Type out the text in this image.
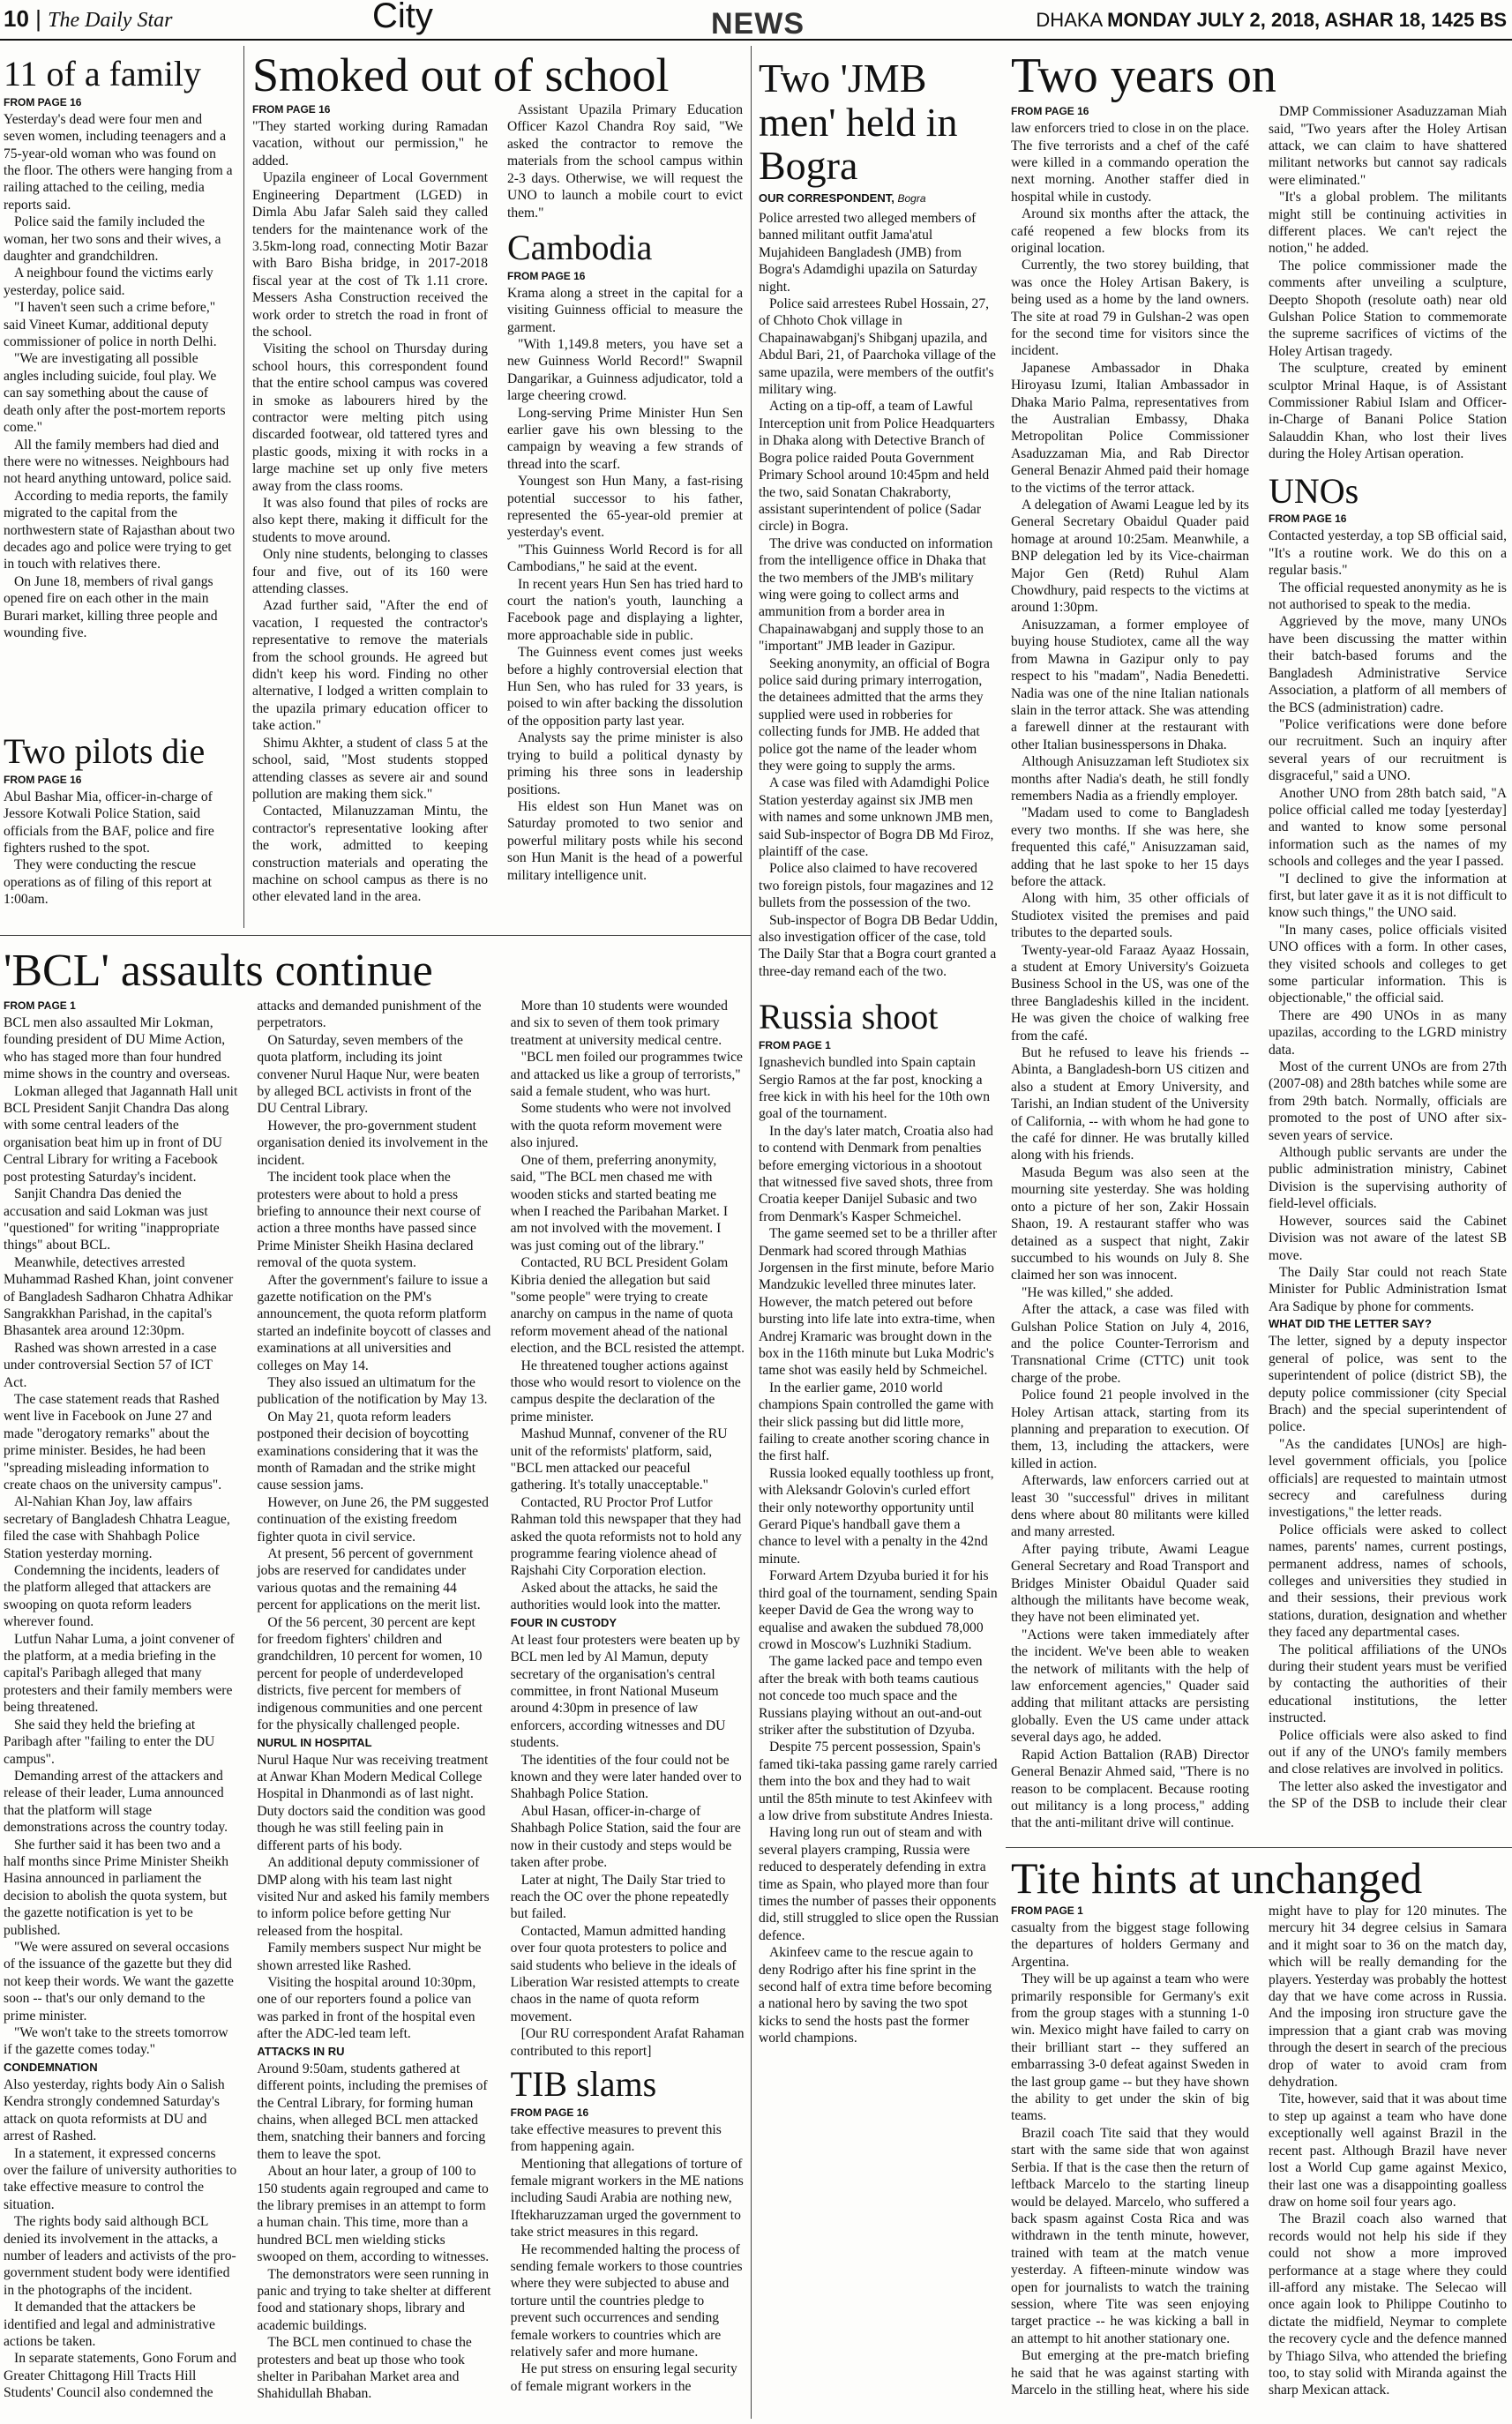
10 | The Daily Star	City	NEWS	DHAKA MONDAY JULY 2, 2018, ASHAR 18, 1425 BS
11 of a family
FROM PAGE 16

Yesterday's dead were four men and seven women, including teenagers and a 75-year-old woman who was found on the floor. The others were hanging from a railing attached to the ceiling, media reports said.

Police said the family included the woman, her two sons and their wives, a daughter and grandchildren.

A neighbour found the victims early yesterday, police said.

"I haven't seen such a crime before," said Vineet Kumar, additional deputy commissioner of police in north Delhi.

"We are investigating all possible angles including suicide, foul play. We can say something about the cause of death only after the post-mortem reports come."

All the family members had died and there were no witnesses. Neighbours had not heard anything untoward, police said.

According to media reports, the family migrated to the capital from the northwestern state of Rajasthan about two decades ago and police were trying to get in touch with relatives there.

On June 18, members of rival gangs opened fire on each other in the main Burari market, killing three people and wounding five.

Two pilots die
FROM PAGE 16

Abul Bashar Mia, officer-in-charge of Jessore Kotwali Police Station, said officials from the BAF, police and fire fighters rushed to the spot.

They were conducting the rescue operations as of filing of this report at 1:00am.

Smoked out of school
FROM PAGE 16

"They started working during Ramadan vacation, without our permission," he added.

Upazila engineer of Local Government Engineering Department (LGED) in Dimla Abu Jafar Saleh said they called tenders for the maintenance work of the 3.5km-long road, connecting Motir Bazar with Baro Bisha bridge, in 2017-2018 fiscal year at the cost of Tk 1.11 crore. Messers Asha Construction received the work order to stretch the road in front of the school.

Visiting the school on Thursday during school hours, this correspondent found that the entire school campus was covered in smoke as labourers hired by the contractor were melting pitch using discarded footwear, old tattered tyres and plastic goods, mixing it with rocks in a large machine set up only five meters away from the class rooms.

It was also found that piles of rocks are also kept there, making it difficult for the students to move around.

Only nine students, belonging to classes four and five, out of its 160 were attending classes.

Azad further said, "After the end of vacation, I requested the contractor's representative to remove the materials from the school grounds. He agreed but didn't keep his word. Finding no other alternative, I lodged a written complain to the upazila primary education officer to take action."

Shimu Akhter, a student of class 5 at the school, said, "Most students stopped attending classes as severe air and sound pollution are making them sick."

Contacted, Milanuzzaman Mintu, the contractor's representative looking after the work, admitted to keeping construction materials and operating the machine on school campus as there is no other elevated land in the area.

Assistant Upazila Primary Education Officer Kazol Chandra Roy said, "We asked the contractor to remove the materials from the school campus within 2-3 days. Otherwise, we will request the UNO to launch a mobile court to evict them."

Cambodia
FROM PAGE 16

Krama along a street in the capital for a visiting Guinness official to measure the garment.

"With 1,149.8 meters, you have set a new Guinness World Record!" Swapnil Dangarikar, a Guinness adjudicator, told a large cheering crowd.

Long-serving Prime Minister Hun Sen earlier gave his own blessing to the campaign by weaving a few strands of thread into the scarf.

Youngest son Hun Many, a fast-rising potential successor to his father, represented the 65-year-old premier at yesterday's event.

"This Guinness World Record is for all Cambodians," he said at the event.

In recent years Hun Sen has tried hard to court the nation's youth, launching a Facebook page and displaying a lighter, more approachable side in public.

The Guinness event comes just weeks before a highly controversial election that Hun Sen, who has ruled for 33 years, is poised to win after backing the dissolution of the opposition party last year.

Analysts say the prime minister is also trying to build a political dynasty by priming his three sons in leadership positions.

His eldest son Hun Manet was on Saturday promoted to two senior and powerful military posts while his second son Hun Manit is the head of a powerful military intelligence unit.

'BCL' assaults continue
FROM PAGE 1

BCL men also assaulted Mir Lokman, founding president of DU Mime Action, who has staged more than four hundred mime shows in the country and overseas.

Lokman alleged that Jagannath Hall unit BCL President Sanjit Chandra Das along with some central leaders of the organisation beat him up in front of DU Central Library for writing a Facebook post protesting Saturday's incident.

Sanjit Chandra Das denied the accusation and said Lokman was just "questioned" for writing "inappropriate things" about BCL.

Meanwhile, detectives arrested Muhammad Rashed Khan, joint convener of Bangladesh Sadharon Chhatra Adhikar Sangrakkhan Parishad, in the capital's Bhasantek area around 12:30pm.

Rashed was shown arrested in a case under controversial Section 57 of ICT Act.

The case statement reads that Rashed went live in Facebook on June 27 and made "derogatory remarks" about the prime minister. Besides, he had been "spreading misleading information to create chaos on the university campus".

Al-Nahian Khan Joy, law affairs secretary of Bangladesh Chhatra League, filed the case with Shahbagh Police Station yesterday morning.

Condemning the incidents, leaders of the platform alleged that attackers are swooping on quota reform leaders wherever found.

Lutfun Nahar Luma, a joint convener of the platform, at a media briefing in the capital's Paribagh alleged that many protesters and their family members were being threatened.

She said they held the briefing at Paribagh after "failing to enter the DU campus".

Demanding arrest of the attackers and release of their leader, Luma announced that the platform will stage demonstrations across the country today.

She further said it has been two and a half months since Prime Minister Sheikh Hasina announced in parliament the decision to abolish the quota system, but the gazette notification is yet to be published.

"We were assured on several occasions of the issuance of the gazette but they did not keep their words. We want the gazette soon -- that's our only demand to the prime minister.

"We won't take to the streets tomorrow if the gazette comes today."

CONDEMNATION

Also yesterday, rights body Ain o Salish Kendra strongly condemned Saturday's attack on quota reformists at DU and arrest of Rashed.

In a statement, it expressed concerns over the failure of university authorities to take effective measure to control the situation.

The rights body said although BCL denied its involvement in the attacks, a number of leaders and activists of the pro-government student body were identified in the photographs of the incident.

It demanded that the attackers be identified and legal and administrative actions be taken.

In separate statements, Gono Forum and Greater Chittagong Hill Tracts Hill Students' Council also condemned the attacks and demanded punishment of the perpetrators.

On Saturday, seven members of the quota platform, including its joint convener Nurul Haque Nur, were beaten by alleged BCL activists in front of the DU Central Library.

However, the pro-government student organisation denied its involvement in the incident.

The incident took place when the protesters were about to hold a press briefing to announce their next course of action a three months have passed since Prime Minister Sheikh Hasina declared removal of the quota system.

After the government's failure to issue a gazette notification on the PM's announcement, the quota reform platform started an indefinite boycott of classes and examinations at all universities and colleges on May 14.

They also issued an ultimatum for the publication of the notification by May 13.

On May 21, quota reform leaders postponed their decision of boycotting examinations considering that it was the month of Ramadan and the strike might cause session jams.

However, on June 26, the PM suggested continuation of the existing freedom fighter quota in civil service.

At present, 56 percent of government jobs are reserved for candidates under various quotas and the remaining 44 percent for applications on the merit list.

Of the 56 percent, 30 percent are kept for freedom fighters' children and grandchildren, 10 percent for women, 10 percent for people of underdeveloped districts, five percent for members of indigenous communities and one percent for the physically challenged people.

NURUL IN HOSPITAL

Nurul Haque Nur was receiving treatment at Anwar Khan Modern Medical College Hospital in Dhanmondi as of last night. Duty doctors said the condition was good though he was still feeling pain in different parts of his body.

An additional deputy commissioner of DMP along with his team last night visited Nur and asked his family members to inform police before getting Nur released from the hospital.

Family members suspect Nur might be shown arrested like Rashed.

Visiting the hospital around 10:30pm, one of our reporters found a police van was parked in front of the hospital even after the ADC-led team left.

ATTACKS IN RU

Around 9:50am, students gathered at different points, including the premises of the Central Library, for forming human chains, when alleged BCL men attacked them, snatching their banners and forcing them to leave the spot.

About an hour later, a group of 100 to 150 students again regrouped and came to the library premises in an attempt to form a human chain. This time, more than a hundred BCL men wielding sticks swooped on them, according to witnesses.

The demonstrators were seen running in panic and trying to take shelter at different food and stationary shops, library and academic buildings.

The BCL men continued to chase the protesters and beat up those who took shelter in Paribahan Market area and Shahidullah Bhaban.

More than 10 students were wounded and six to seven of them took primary treatment at university medical centre.

"BCL men foiled our programmes twice and attacked us like a group of terrorists," said a female student, who was hurt.

Some students who were not involved with the quota reform movement were also injured.

One of them, preferring anonymity, said, "The BCL men chased me with wooden sticks and started beating me when I reached the Paribahan Market. I am not involved with the movement. I was just coming out of the library."

Contacted, RU BCL President Golam Kibria denied the allegation but said "some people" were trying to create anarchy on campus in the name of quota reform movement ahead of the national election, and the BCL resisted the attempt.

He threatened tougher actions against those who would resort to violence on the campus despite the declaration of the prime minister.

Mashud Munnaf, convener of the RU unit of the reformists' platform, said, "BCL men attacked our peaceful gathering. It's totally unacceptable."

Contacted, RU Proctor Prof Lutfor Rahman told this newspaper that they had asked the quota reformists not to hold any programme fearing violence ahead of Rajshahi City Corporation election.

Asked about the attacks, he said the authorities would look into the matter.

FOUR IN CUSTODY

At least four protesters were beaten up by BCL men led by Al Mamun, deputy secretary of the organisation's central committee, in front National Museum around 4:30pm in presence of law enforcers, according witnesses and DU students.

The identities of the four could not be known and they were later handed over to Shahbagh Police Station.

Abul Hasan, officer-in-charge of Shahbagh Police Station, said the four are now in their custody and steps would be taken after probe.

Later at night, The Daily Star tried to reach the OC over the phone repeatedly but failed.

Contacted, Mamun admitted handing over four quota protesters to police and said students who believe in the ideals of Liberation War resisted attempts to create chaos in the name of quota reform movement.

[Our RU correspondent Arafat Rahaman contributed to this report]

TIB slams
FROM PAGE 16

take effective measures to prevent this from happening again.

Mentioning that allegations of torture of female migrant workers in the ME nations including Saudi Arabia are nothing new, Iftekharuzzaman urged the government to take strict measures in this regard.

He recommended halting the process of sending female workers to those countries where they were subjected to abuse and torture until the countries pledge to prevent such occurrences and sending female workers to countries which are relatively safer and more humane.

He put stress on ensuring legal security of female migrant workers in the

Two 'JMB men' held in Bogra
OUR CORRESPONDENT, Bogra

Police arrested two alleged members of banned militant outfit Jama'atul Mujahideen Bangladesh (JMB) from Bogra's Adamdighi upazila on Saturday night.

Police said arrestees Rubel Hossain, 27, of Chhoto Chok village in Chapainawabganj's Shibganj upazila, and Abdul Bari, 21, of Paarchoka village of the same upazila, were members of the outfit's military wing.

Acting on a tip-off, a team of Lawful Interception unit from Police Headquarters in Dhaka along with Detective Branch of Bogra police raided Pouta Government Primary School around 10:45pm and held the two, said Sonatan Chakraborty, assistant superintendent of police (Sadar circle) in Bogra.

The drive was conducted on information from the intelligence office in Dhaka that the two members of the JMB's military wing were going to collect arms and ammunition from a border area in Chapainawabganj and supply those to an "important" JMB leader in Gazipur.

Seeking anonymity, an official of Bogra police said during primary interrogation, the detainees admitted that the arms they supplied were used in robberies for collecting funds for JMB. He added that police got the name of the leader whom they were going to supply the arms.

A case was filed with Adamdighi Police Station yesterday against six JMB men with names and some unknown JMB men, said Sub-inspector of Bogra DB Md Firoz, plaintiff of the case.

Police also claimed to have recovered two foreign pistols, four magazines and 12 bullets from the possession of the two.

Sub-inspector of Bogra DB Bedar Uddin, also investigation officer of the case, told The Daily Star that a Bogra court granted a three-day remand each of the two.

Russia shoot
FROM PAGE 1

Ignashevich bundled into Spain captain Sergio Ramos at the far post, knocking a free kick in with his heel for the 10th own goal of the tournament.

In the day's later match, Croatia also had to contend with Denmark from penalties before emerging victorious in a shootout that witnessed five saved shots, three from Croatia keeper Danijel Subasic and two from Denmark's Kasper Schmeichel.

The game seemed set to be a thriller after Denmark had scored through Mathias Jorgensen in the first minute, before Mario Mandzukic levelled three minutes later. However, the match petered out before bursting into life late into extra-time, when Andrej Kramaric was brought down in the box in the 116th minute but Luka Modric's tame shot was easily held by Schmeichel.

In the earlier game, 2010 world champions Spain controlled the game with their slick passing but did little more, failing to create another scoring chance in the first half.

Russia looked equally toothless up front, with Aleksandr Golovin's curled effort their only noteworthy opportunity until Gerard Pique's handball gave them a chance to level with a penalty in the 42nd minute.

Forward Artem Dzyuba buried it for his third goal of the tournament, sending Spain keeper David de Gea the wrong way to equalise and awaken the subdued 78,000 crowd in Moscow's Luzhniki Stadium.

The game lacked pace and tempo even after the break with both teams cautious not concede too much space and the Russians playing without an out-and-out striker after the substitution of Dzyuba.

Despite 75 percent possession, Spain's famed tiki-taka passing game rarely carried them into the box and they had to wait until the 85th minute to test Akinfeev with a low drive from substitute Andres Iniesta.

Having long run out of steam and with several players cramping, Russia were reduced to desperately defending in extra time as Spain, who played more than four times the number of passes their opponents did, still struggled to slice open the Russian defence.

Akinfeev came to the rescue again to deny Rodrigo after his fine sprint in the second half of extra time before becoming a national hero by saving the two spot kicks to send the hosts past the former world champions.

Two years on
FROM PAGE 16

law enforcers tried to close in on the place. The five terrorists and a chef of the café were killed in a commando operation the next morning. Another staffer died in hospital while in custody.

Around six months after the attack, the café reopened a few blocks from its original location.

Currently, the two storey building, that was once the Holey Artisan Bakery, is being used as a home by the land owners. The site at road 79 in Gulshan-2 was open for the second time for visitors since the incident.

Japanese Ambassador in Dhaka Hiroyasu Izumi, Italian Ambassador in Dhaka Mario Palma, representatives from the Australian Embassy, Dhaka Metropolitan Police Commissioner Asaduzzaman Mia, and Rab Director General Benazir Ahmed paid their homage to the victims of the terror attack.

A delegation of Awami League led by its General Secretary Obaidul Quader paid homage at around 10:25am. Meanwhile, a BNP delegation led by its Vice-chairman Major Gen (Retd) Ruhul Alam Chowdhury, paid respects to the victims at around 1:30pm.

Anisuzzaman, a former employee of buying house Studiotex, came all the way from Mawna in Gazipur only to pay respect to his "madam", Nadia Benedetti. Nadia was one of the nine Italian nationals slain in the terror attack. She was attending a farewell dinner at the restaurant with other Italian businesspersons in Dhaka.

Although Anisuzzaman left Studiotex six months after Nadia's death, he still fondly remembers Nadia as a friendly employer.

"Madam used to come to Bangladesh every two months. If she was here, she frequented this café," Anisuzzaman said, adding that he last spoke to her 15 days before the attack.

Along with him, 35 other officials of Studiotex visited the premises and paid tributes to the departed souls.

Twenty-year-old Faraaz Ayaaz Hossain, a student at Emory University's Goizueta Business School in the US, was one of the three Bangladeshis killed in the incident. He was given the choice of walking free from the café.

But he refused to leave his friends -- Abinta, a Bangladesh-born US citizen and also a student at Emory University, and Tarishi, an Indian student of the University of California, -- with whom he had gone to the café for dinner. He was brutally killed along with his friends.

Masuda Begum was also seen at the mourning site yesterday. She was holding onto a picture of her son, Zakir Hossain Shaon, 19. A restaurant staffer who was detained as a suspect that night, Zakir succumbed to his wounds on July 8. She claimed her son was innocent.

"He was killed," she added.

After the attack, a case was filed with Gulshan Police Station on July 4, 2016, and the police Counter-Terrorism and Transnational Crime (CTTC) unit took charge of the probe.

Police found 21 people involved in the Holey Artisan attack, starting from its planning and preparation to execution. Of them, 13, including the attackers, were killed in action.

Afterwards, law enforcers carried out at least 30 "successful" drives in militant dens where about 80 militants were killed and many arrested.

After paying tribute, Awami League General Secretary and Road Transport and Bridges Minister Obaidul Quader said although the militants have become weak, they have not been eliminated yet.

"Actions were taken immediately after the incident. We've been able to weaken the network of militants with the help of law enforcement agencies," Quader said adding that militant attacks are persisting globally. Even the US came under attack several days ago, he added.

Rapid Action Battalion (RAB) Director General Benazir Ahmed said, "There is no reason to be complacent. Because rooting out militancy is a long process," adding that the anti-militant drive will continue.

DMP Commissioner Asaduzzaman Miah said, "Two years after the Holey Artisan attack, we can claim to have shattered militant networks but cannot say radicals were eliminated."

"It's a global problem. The militants might still be continuing activities in different places. We can't reject the notion," he added.

The police commissioner made the comments after unveiling a sculpture, Deepto Shopoth (resolute oath) near old Gulshan Police Station to commemorate the supreme sacrifices of victims of the Holey Artisan tragedy.

The sculpture, created by eminent sculptor Mrinal Haque, is of Assistant Commissioner Rabiul Islam and Officer-in-Charge of Banani Police Station Salauddin Khan, who lost their lives during the Holey Artisan operation.

UNOs
FROM PAGE 16

Contacted yesterday, a top SB official said, "It's a routine work. We do this on a regular basis."

The official requested anonymity as he is not authorised to speak to the media.

Aggrieved by the move, many UNOs have been discussing the matter within their batch-based forums and the Bangladesh Administrative Service Association, a platform of all members of the BCS (administration) cadre.

"Police verifications were done before our recruitment. Such an inquiry after several years of our recruitment is disgraceful," said a UNO.

Another UNO from 28th batch said, "A police official called me today [yesterday] and wanted to know some personal information such as the names of my schools and colleges and the year I passed.

"I declined to give the information at first, but later gave it as it is not difficult to know such things," the UNO said.

"In many cases, police officials visited UNO offices with a form. In other cases, they visited schools and colleges to get some particular information. This is objectionable," the official said.

There are 490 UNOs in as many upazilas, according to the LGRD ministry data.

Most of the current UNOs are from 27th (2007-08) and 28th batches while some are from 29th batch. Normally, officials are promoted to the post of UNO after six-seven years of service.

Although public servants are under the public administration ministry, Cabinet Division is the supervising authority of field-level officials.

However, sources said the Cabinet Division was not aware of the latest SB move.

The Daily Star could not reach State Minister for Public Administration Ismat Ara Sadique by phone for comments.

WHAT DID THE LETTER SAY?

The letter, signed by a deputy inspector general of police, was sent to the superintendent of police (district SB), the deputy police commissioner (city Special Brach) and the special superintendent of police.

"As the candidates [UNOs] are high-level government officials, you [police officials] are requested to maintain utmost secrecy and carefulness during investigations," the letter reads.

Police officials were asked to collect names, parents' names, current postings, permanent address, names of schools, colleges and universities they studied in and their sessions, their previous work stations, duration, designation and whether they faced any departmental cases.

The political affiliations of the UNOs during their student years must be verified by contacting the authorities of their educational institutions, the letter instructed.

Police officials were also asked to find out if any of the UNO's family members and close relatives are involved in politics.

The letter also asked the investigator and the SP of the DSB to include their clear

Tite hints at unchanged
FROM PAGE 1

casualty from the biggest stage following the departures of holders Germany and Argentina.

They will be up against a team who were primarily responsible for Germany's exit from the group stages with a stunning 1-0 win. Mexico might have failed to carry on their brilliant start -- they suffered an embarrassing 3-0 defeat against Sweden in the last group game -- but they have shown the ability to get under the skin of big teams.

Brazil coach Tite said that they would start with the same side that won against Serbia. If that is the case then the return of leftback Marcelo to the starting lineup would be delayed. Marcelo, who suffered a back spasm against Costa Rica and was withdrawn in the tenth minute, however, trained with team at the match venue yesterday. A fifteen-minute window was open for journalists to watch the training session, where Tite was seen enjoying target practice -- he was kicking a ball in an attempt to hit another stationary one.

But emerging at the pre-match briefing he said that he was against starting with Marcelo in the stilling heat, where his side might have to play for 120 minutes. The mercury hit 34 degree celsius in Samara and it might soar to 36 on the match day, which will be really demanding for the players. Yesterday was probably the hottest day that we have come across in Russia. And the imposing iron structure gave the impression that a giant crab was moving through the desert in search of the precious drop of water to avoid cram from dehydration.

Tite, however, said that it was about time to step up against a team who have done exceptionally well against Brazil in the recent past. Although Brazil have never lost a World Cup game against Mexico, their last one was a disappointing goalless draw on home soil four years ago.

The Brazil coach also warned that records would not help his side if they could not show a more improved performance at a stage where they could ill-afford any mistake. The Selecao will once again look to Philippe Coutinho to dictate the midfield, Neymar to complete the recovery cycle and the defence manned by Thiago Silva, who attended the briefing too, to stay solid with Miranda against the sharp Mexican attack.
